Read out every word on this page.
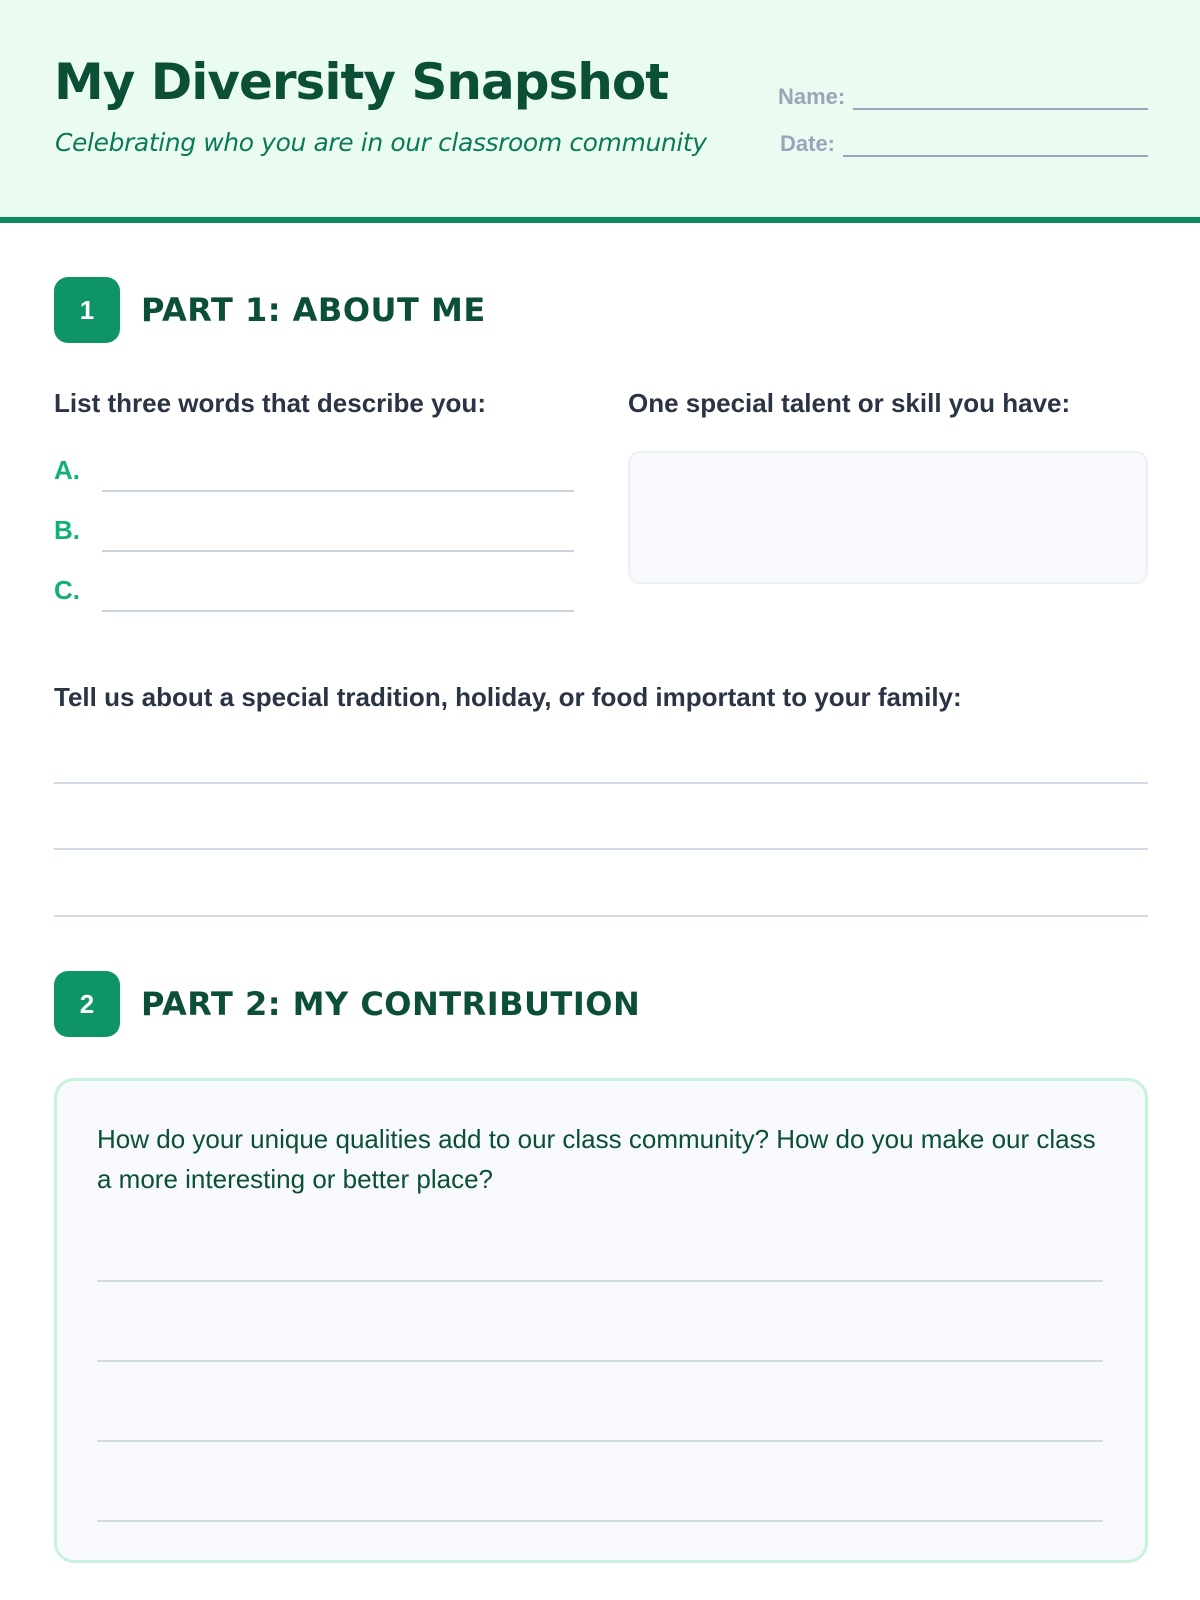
My Diversity Snapshot

Celebrating who you are in our classroom community

Name:
Date:
1	PART 1: ABOUT ME
List three words that describe you:	One special talent or skill you have:
A.
B.
C.
Tell us about a special tradition, holiday, or food important to your family:
2	PART 2: MY CONTRIBUTION

How do your unique qualities add to our class community? How do you make our class a more interesting or better place?
